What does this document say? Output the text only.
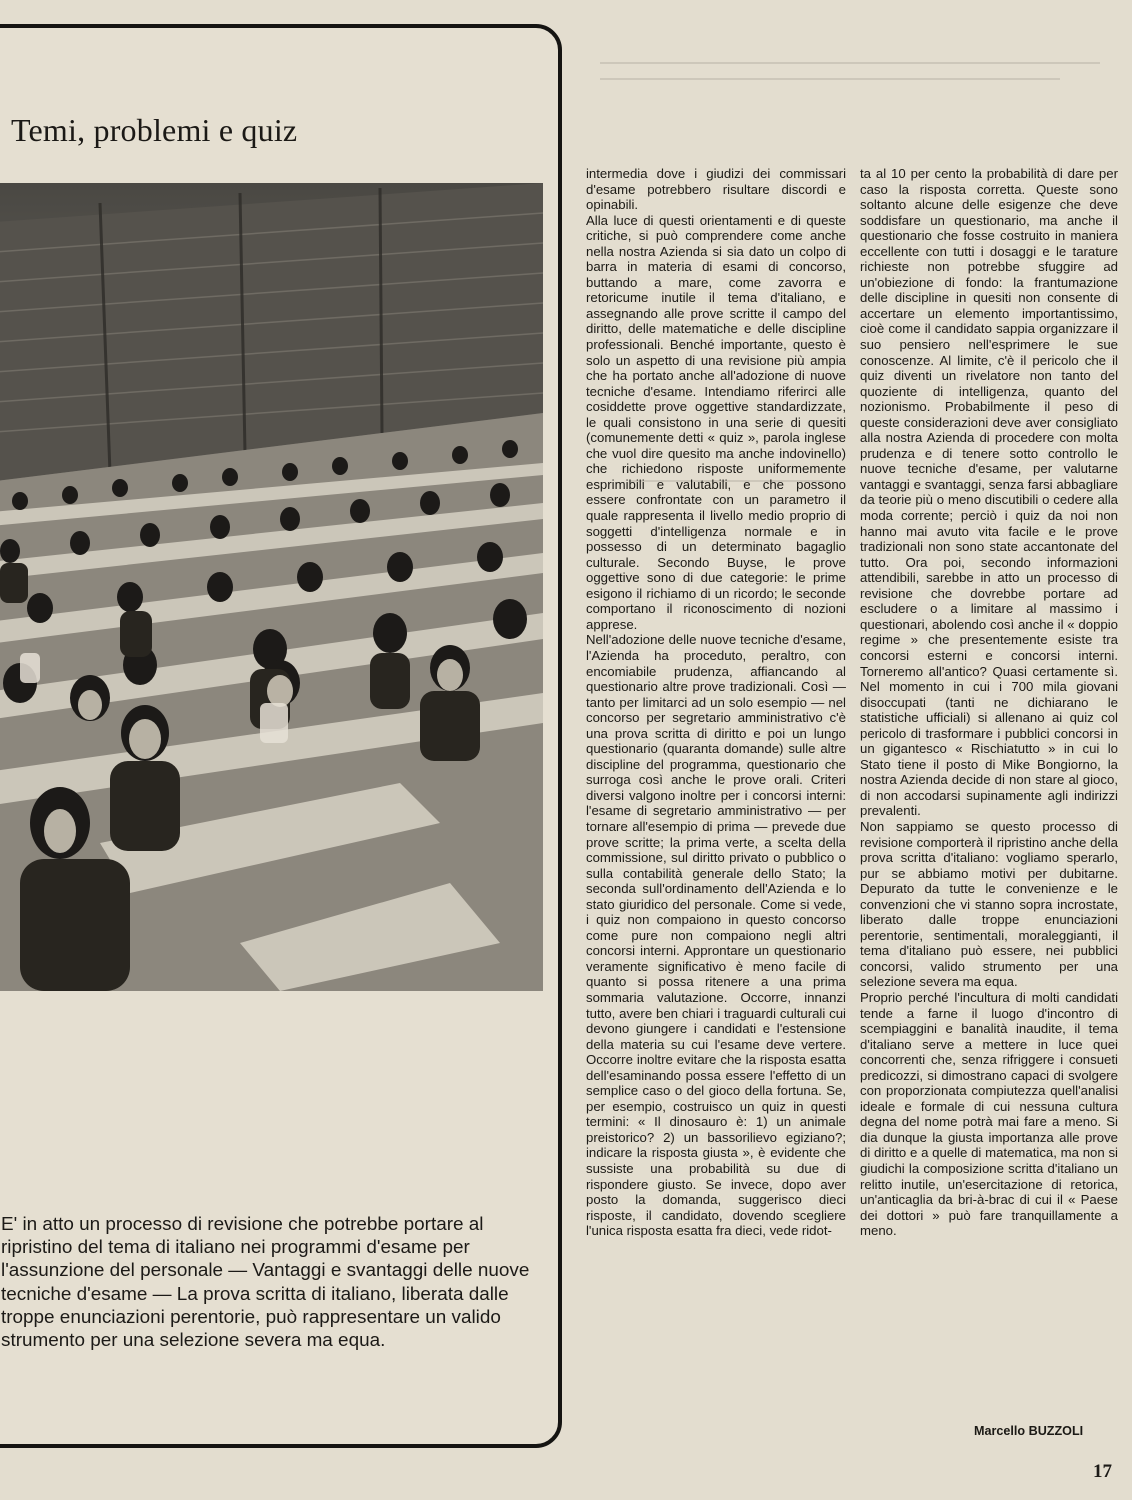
Temi, problemi e quiz

E' in atto un processo di revisione che potrebbe portare al ripristino del tema di italiano nei programmi d'esame per l'assunzione del personale — Vantaggi e svantaggi delle nuove tecniche d'esame — La prova scritta di italiano, liberata dalle troppe enunciazioni perentorie, può rappresentare un valido strumento per una selezione severa ma equa.

intermedia dove i giudizi dei commissari d'esame potrebbero risultare discordi e opinabili.

Alla luce di questi orientamenti e di queste critiche, si può comprendere come anche nella nostra Azienda si sia dato un colpo di barra in materia di esami di concorso, buttando a mare, come zavorra e retoricume inutile il tema d'italiano, e assegnando alle prove scritte il campo del diritto, delle matematiche e delle discipline professionali. Benché importante, questo è solo un aspetto di una revisione più ampia che ha portato anche all'adozione di nuove tecniche d'esame. Intendiamo riferirci alle cosiddette prove oggettive standardizzate, le quali consistono in una serie di quesiti (comunemente detti « quiz », parola inglese che vuol dire quesito ma anche indovinello) che richiedono risposte uniformemente esprimibili e valutabili, e che possono essere confrontate con un parametro il quale rappresenta il livello medio proprio di soggetti d'intelligenza normale e in possesso di un determinato bagaglio culturale. Secondo Buyse, le prove oggettive sono di due categorie: le prime esigono il richiamo di un ricordo; le seconde comportano il riconoscimento di nozioni apprese.

Nell'adozione delle nuove tecniche d'esame, l'Azienda ha proceduto, peraltro, con encomiabile prudenza, affiancando al questionario altre prove tradizionali. Così — tanto per limitarci ad un solo esempio — nel concorso per segretario amministrativo c'è una prova scritta di diritto e poi un lungo questionario (quaranta domande) sulle altre discipline del programma, questionario che surroga così anche le prove orali. Criteri diversi valgono inoltre per i concorsi interni: l'esame di segretario amministrativo — per tornare all'esempio di prima — prevede due prove scritte; la prima verte, a scelta della commissione, sul diritto privato o pubblico o sulla contabilità generale dello Stato; la seconda sull'ordinamento dell'Azienda e lo stato giuridico del personale. Come si vede, i quiz non compaiono in questo concorso come pure non compaiono negli altri concorsi interni. Approntare un questionario veramente significativo è meno facile di quanto si possa ritenere a una prima sommaria valutazione. Occorre, innanzi tutto, avere ben chiari i traguardi culturali cui devono giungere i candidati e l'estensione della materia su cui l'esame deve vertere. Occorre inoltre evitare che la risposta esatta dell'esaminando possa essere l'effetto di un semplice caso o del gioco della fortuna. Se, per esempio, costruisco un quiz in questi termini: « Il dinosauro è: 1) un animale preistorico? 2) un bassorilievo egiziano?; indicare la risposta giusta », è evidente che sussiste una probabilità su due di rispondere giusto. Se invece, dopo aver posto la domanda, suggerisco dieci risposte, il candidato, dovendo scegliere l'unica risposta esatta fra dieci, vede ridot-

ta al 10 per cento la probabilità di dare per caso la risposta corretta. Queste sono soltanto alcune delle esigenze che deve soddisfare un questionario, ma anche il questionario che fosse costruito in maniera eccellente con tutti i dosaggi e le tarature richieste non potrebbe sfuggire ad un'obiezione di fondo: la frantumazione delle discipline in quesiti non consente di accertare un elemento importantissimo, cioè come il candidato sappia organizzare il suo pensiero nell'esprimere le sue conoscenze. Al limite, c'è il pericolo che il quiz diventi un rivelatore non tanto del quoziente di intelligenza, quanto del nozionismo. Probabilmente il peso di queste considerazioni deve aver consigliato alla nostra Azienda di procedere con molta prudenza e di tenere sotto controllo le nuove tecniche d'esame, per valutarne vantaggi e svantaggi, senza farsi abbagliare da teorie più o meno discutibili o cedere alla moda corrente; perciò i quiz da noi non hanno mai avuto vita facile e le prove tradizionali non sono state accantonate del tutto. Ora poi, secondo informazioni attendibili, sarebbe in atto un processo di revisione che dovrebbe portare ad escludere o a limitare al massimo i questionari, abolendo così anche il « doppio regime » che presentemente esiste tra concorsi esterni e concorsi interni. Torneremo all'antico? Quasi certamente sì. Nel momento in cui i 700 mila giovani disoccupati (tanti ne dichiarano le statistiche ufficiali) si allenano ai quiz col pericolo di trasformare i pubblici concorsi in un gigantesco « Rischiatutto » in cui lo Stato tiene il posto di Mike Bongiorno, la nostra Azienda decide di non stare al gioco, di non accodarsi supinamente agli indirizzi prevalenti.

Non sappiamo se questo processo di revisione comporterà il ripristino anche della prova scritta d'italiano: vogliamo sperarlo, pur se abbiamo motivi per dubitarne. Depurato da tutte le convenienze e le convenzioni che vi stanno sopra incrostate, liberato dalle troppe enunciazioni perentorie, sentimentali, moraleggianti, il tema d'italiano può essere, nei pubblici concorsi, valido strumento per una selezione severa ma equa.

Proprio perché l'incultura di molti candidati tende a farne il luogo d'incontro di scempiaggini e banalità inaudite, il tema d'italiano serve a mettere in luce quei concorrenti che, senza rifriggere i consueti predicozzi, si dimostrano capaci di svolgere con proporzionata compiutezza quell'analisi ideale e formale di cui nessuna cultura degna del nome potrà mai fare a meno. Si dia dunque la giusta importanza alle prove di diritto e a quelle di matematica, ma non si giudichi la composizione scritta d'italiano un relitto inutile, un'esercitazione di retorica, un'anticaglia da bri-à-brac di cui il « Paese dei dottori » può fare tranquillamente a meno.

Marcello BUZZOLI

17
